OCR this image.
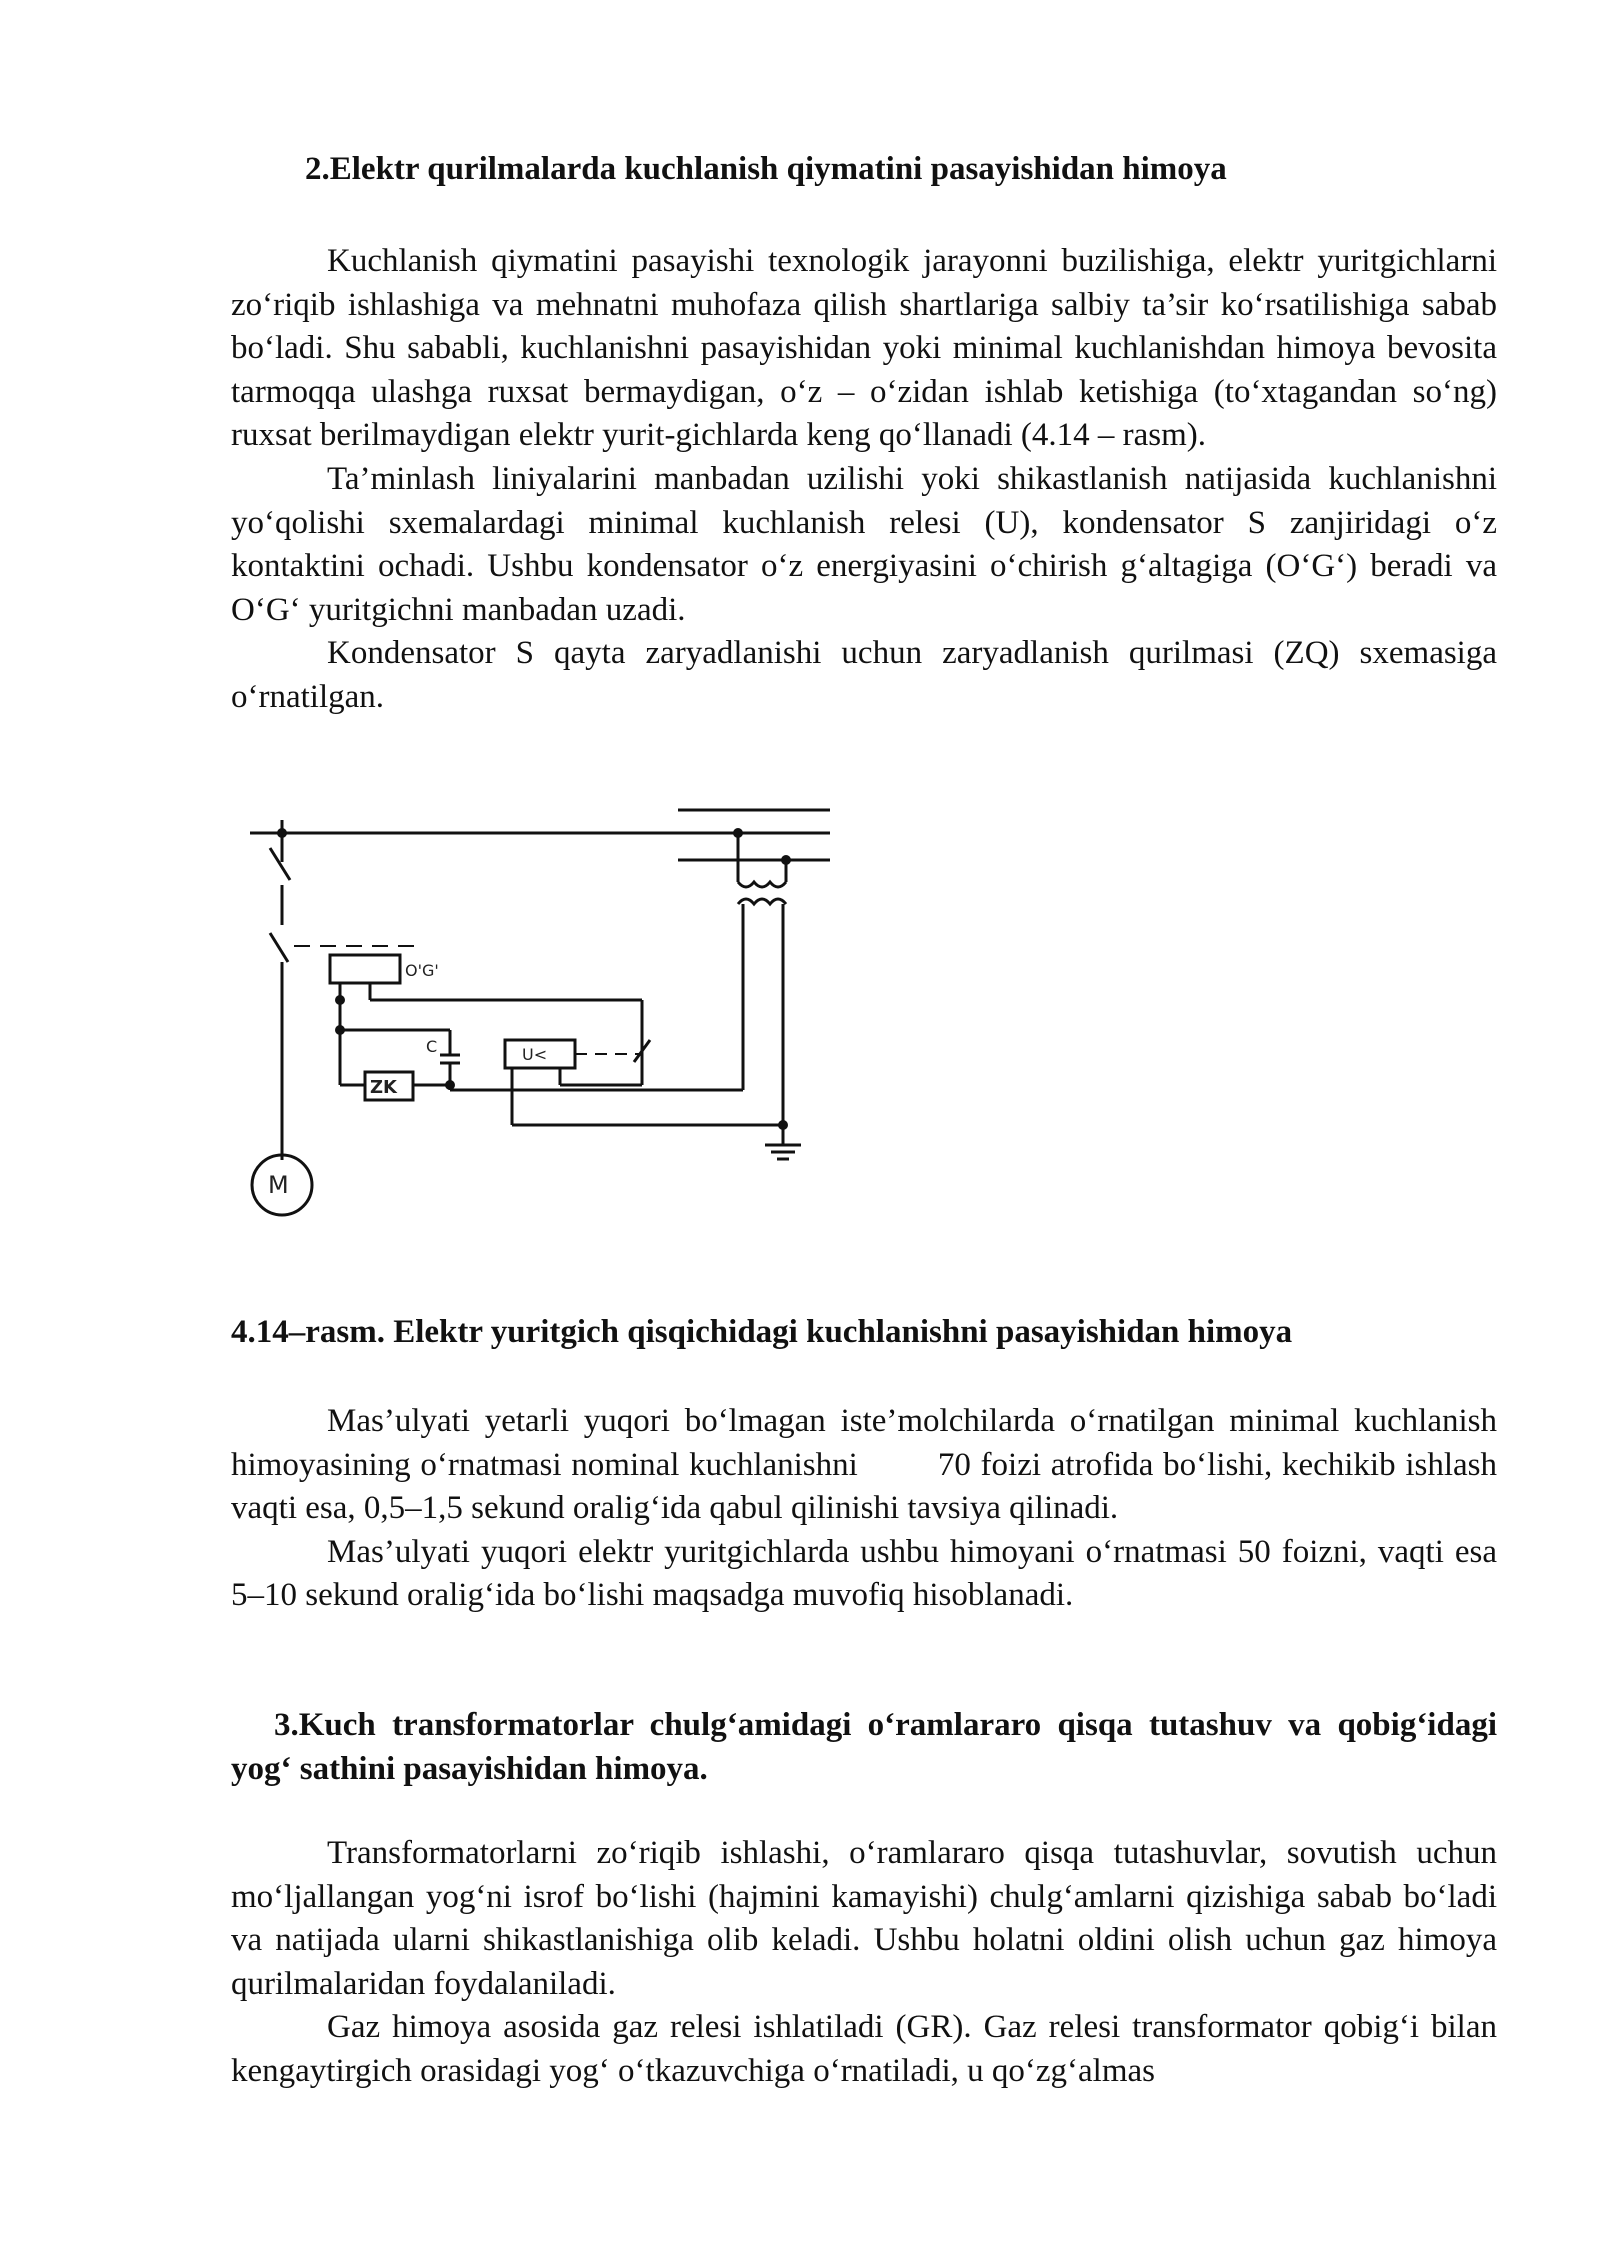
2.Elektr qurilmalarda kuchlanish qiymatini pasayishidan himoya

Kuchlanish qiymatini pasayishi texnologik jarayonni buzilishiga, elektr yuritgichlarni zo‘riqib ishlashiga va mehnatni muhofaza qilish shartlariga salbiy ta’sir ko‘rsatilishiga sabab bo‘ladi. Shu sababli, kuchlanishni pasayishidan yoki minimal kuchlanishdan himoya bevosita tarmoqqa ulashga ruxsat bermaydigan, o‘z – o‘zidan ishlab ketishiga (to‘xtagandan so‘ng) ruxsat berilmaydigan elektr yurit-gichlarda keng qo‘llanadi (4.14 – rasm).

Ta’minlash liniyalarini manbadan uzilishi yoki shikastlanish natijasida kuchlanishni yo‘qolishi sxemalardagi minimal kuchlanish relesi (U), kondensator S zanjiridagi o‘z kontaktini ochadi. Ushbu kondensator o‘z energiyasini o‘chirish g‘altagiga (O‘G‘) beradi va O‘G‘ yuritgichni manbadan uzadi.

Kondensator S qayta zaryadlanishi uchun zaryadlanish qurilmasi (ZQ) sxemasiga o‘rnatilgan.

O'G'
U<
C
ZK
M

4.14–rasm. Elektr yuritgich qisqichidagi kuchlanishni pasayishidan himoya

Mas’ulyati yetarli yuqori bo‘lmagan iste’molchilarda o‘rnatilgan minimal kuchlanish himoyasining o‘rnatmasi nominal kuchlanishni 70 foizi atrofida bo‘lishi, kechikib ishlash vaqti esa, 0,5–1,5 sekund oralig‘ida qabul qilinishi tavsiya qilinadi.

Mas’ulyati yuqori elektr yuritgichlarda ushbu himoyani o‘rnatmasi 50 foizni, vaqti esa 5–10 sekund oralig‘ida bo‘lishi maqsadga muvofiq hisoblanadi.

3.Kuch transformatorlar chulg‘amidagi o‘ramlararo qisqa tutashuv va qobig‘idagi yog‘ sathini pasayishidan himoya.

Transformatorlarni zo‘riqib ishlashi, o‘ramlararo qisqa tutashuvlar, sovutish uchun mo‘ljallangan yog‘ni isrof bo‘lishi (hajmini kamayishi) chulg‘amlarni qizishiga sabab bo‘ladi va natijada ularni shikastlanishiga olib keladi. Ushbu holatni oldini olish uchun gaz himoya qurilmalaridan foydalaniladi.

Gaz himoya asosida gaz relesi ishlatiladi (GR). Gaz relesi transformator qobig‘i bilan kengaytirgich orasidagi yog‘ o‘tkazuvchiga o‘rnatiladi, u qo‘zg‘almas
